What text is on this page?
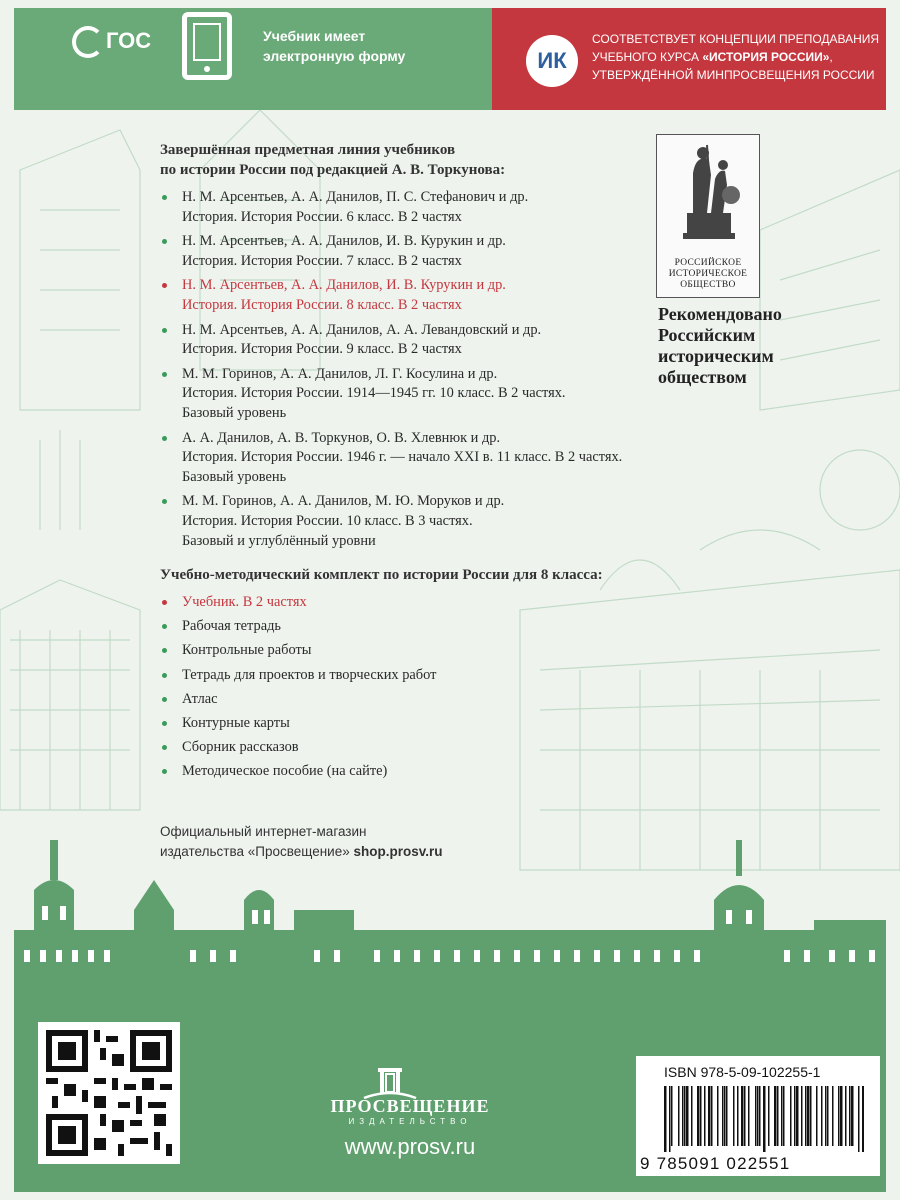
ГОС	Учебник имеет
электронную форму	ИК
СООТВЕТСТВУЕТ КОНЦЕПЦИИ ПРЕПОДАВАНИЯ
УЧЕБНОГО КУРСА «ИСТОРИЯ РОССИИ»,
УТВЕРЖДЁННОЙ МИНПРОСВЕЩЕНИЯ РОССИИ
Завершённая предметная линия учебников
по истории России под редакцией А. В. Торкунова:
Н. М. Арсентьев, А. А. Данилов, П. С. Стефанович и др.
История. История России. 6 класс. В 2 частях
Н. М. Арсентьев, А. А. Данилов, И. В. Курукин и др.
История. История России. 7 класс. В 2 частях
Н. М. Арсентьев, А. А. Данилов, И. В. Курукин и др.
История. История России. 8 класс. В 2 частях
Н. М. Арсентьев, А. А. Данилов, А. А. Левандовский и др.
История. История России. 9 класс. В 2 частях
М. М. Горинов, А. А. Данилов, Л. Г. Косулина и др.
История. История России. 1914—1945 гг. 10 класс. В 2 частях.
Базовый уровень
А. А. Данилов, А. В. Торкунов, О. В. Хлевнюк и др.
История. История России. 1946 г. — начало XXI в. 11 класс. В 2 частях.
Базовый уровень
М. М. Горинов, А. А. Данилов, М. Ю. Моруков и др.
История. История России. 10 класс. В 3 частях.
Базовый и углублённый уровни
Учебно-методический комплект по истории России для 8 класса:
Учебник. В 2 частях
Рабочая тетрадь
Контрольные работы
Тетрадь для проектов и творческих работ
Атлас
Контурные карты
Сборник рассказов
Методическое пособие (на сайте)
Официальный интернет-магазин
издательства «Просвещение» shop.prosv.ru
РОССИЙСКОЕ
ИСТОРИЧЕСКОЕ
ОБЩЕСТВО
Рекомендовано
Российским
историческим
обществом
ПРОСВЕЩЕНИЕ
ИЗДАТЕЛЬСТВО
www.prosv.ru
ISBN 978-5-09-102255-1
9 785091 022551
